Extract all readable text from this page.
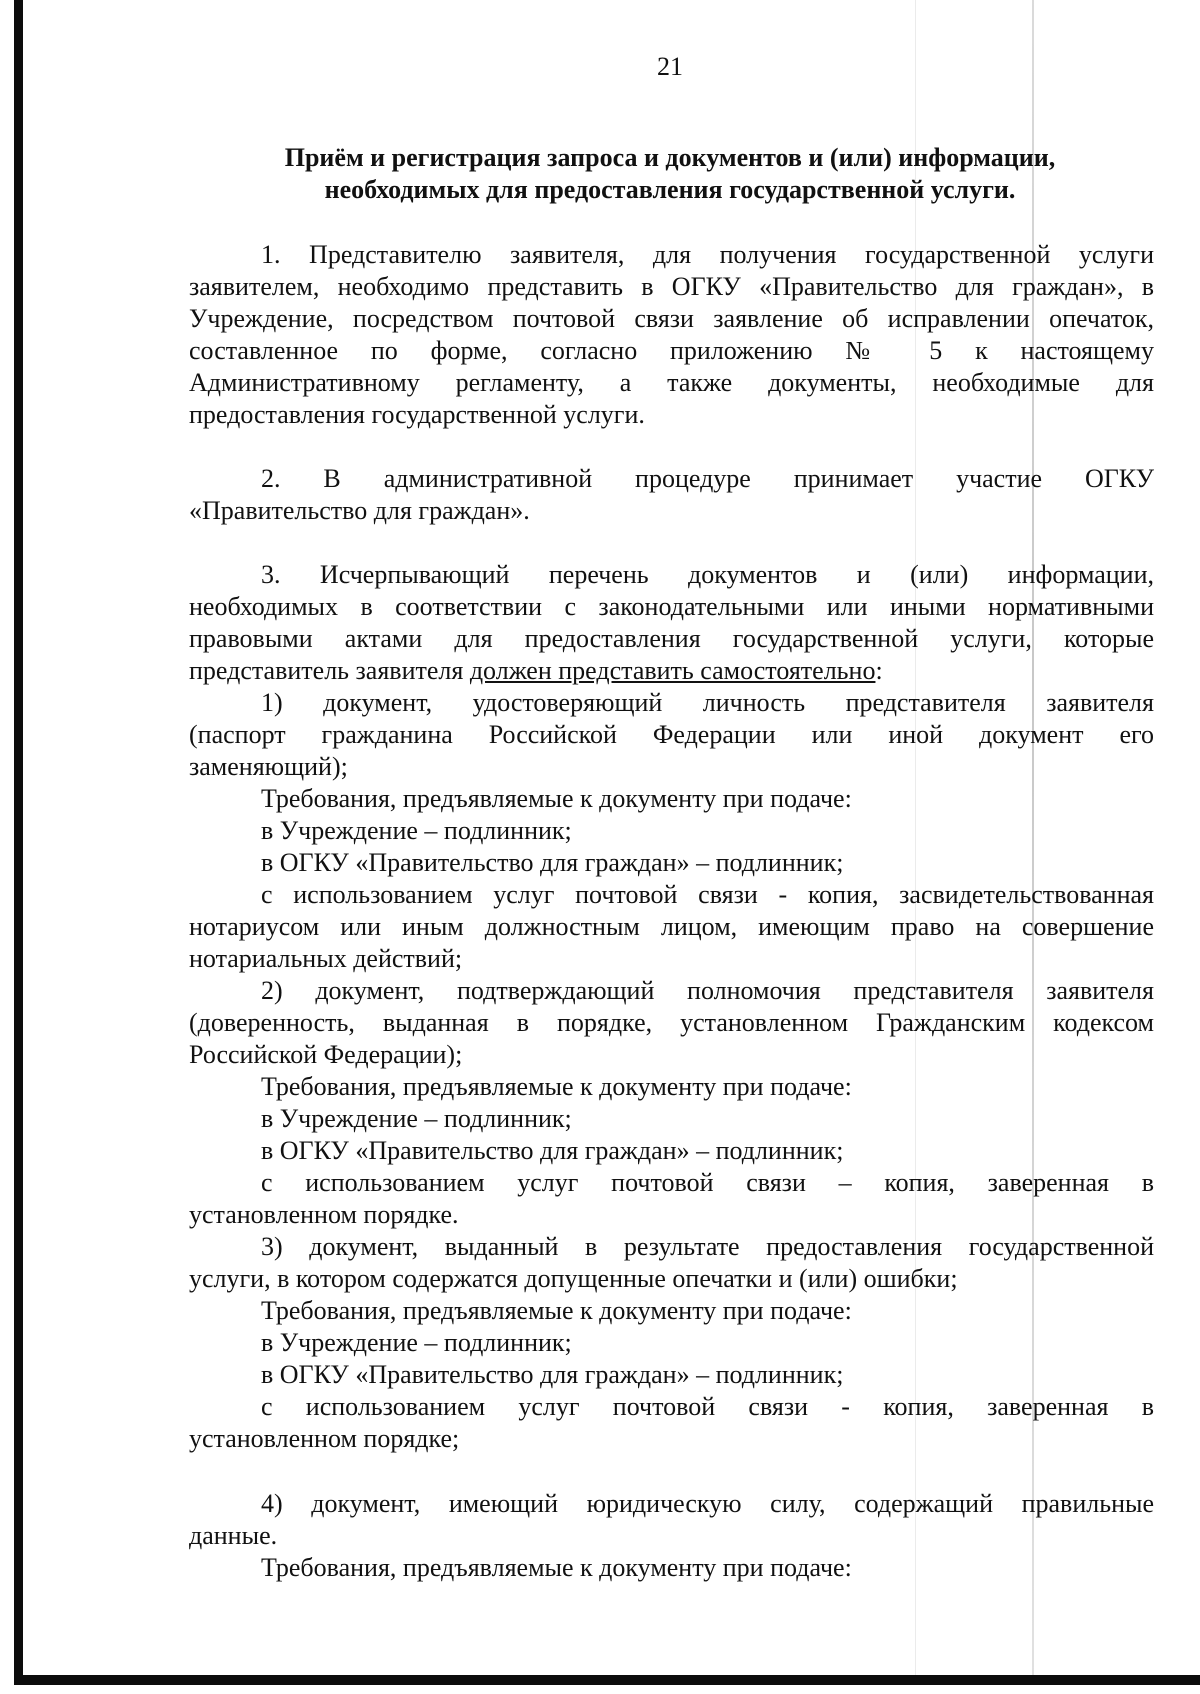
21
Приём и регистрация запроса и документов и (или) информации,
необходимых для предоставления государственной услуги.
1. Представителю заявителя, для получения государственной услуги
заявителем, необходимо представить в ОГКУ «Правительство для граждан», в
Учреждение, посредством почтовой связи заявление об исправлении опечаток,
составленное по форме, согласно приложению № 5 к настоящему
Административному регламенту, а также документы, необходимые для
предоставления государственной услуги.
2. В административной процедуре принимает участие ОГКУ
«Правительство для граждан».
3. Исчерпывающий перечень документов и (или) информации,
необходимых в соответствии с законодательными или иными нормативными
правовыми актами для предоставления государственной услуги, которые
представитель заявителя должен представить самостоятельно:
1) документ, удостоверяющий личность представителя заявителя
(паспорт гражданина Российской Федерации или иной документ его
заменяющий);
Требования, предъявляемые к документу при подаче:
в Учреждение – подлинник;
в ОГКУ «Правительство для граждан» – подлинник;
с использованием услуг почтовой связи - копия, засвидетельствованная
нотариусом или иным должностным лицом, имеющим право на совершение
нотариальных действий;
2) документ, подтверждающий полномочия представителя заявителя
(доверенность, выданная в порядке, установленном Гражданским кодексом
Российской Федерации);
Требования, предъявляемые к документу при подаче:
в Учреждение – подлинник;
в ОГКУ «Правительство для граждан» – подлинник;
с использованием услуг почтовой связи – копия, заверенная в
установленном порядке.
3) документ, выданный в результате предоставления государственной
услуги, в котором содержатся допущенные опечатки и (или) ошибки;
Требования, предъявляемые к документу при подаче:
в Учреждение – подлинник;
в ОГКУ «Правительство для граждан» – подлинник;
с использованием услуг почтовой связи - копия, заверенная в
установленном порядке;
4) документ, имеющий юридическую силу, содержащий правильные
данные.
Требования, предъявляемые к документу при подаче:
